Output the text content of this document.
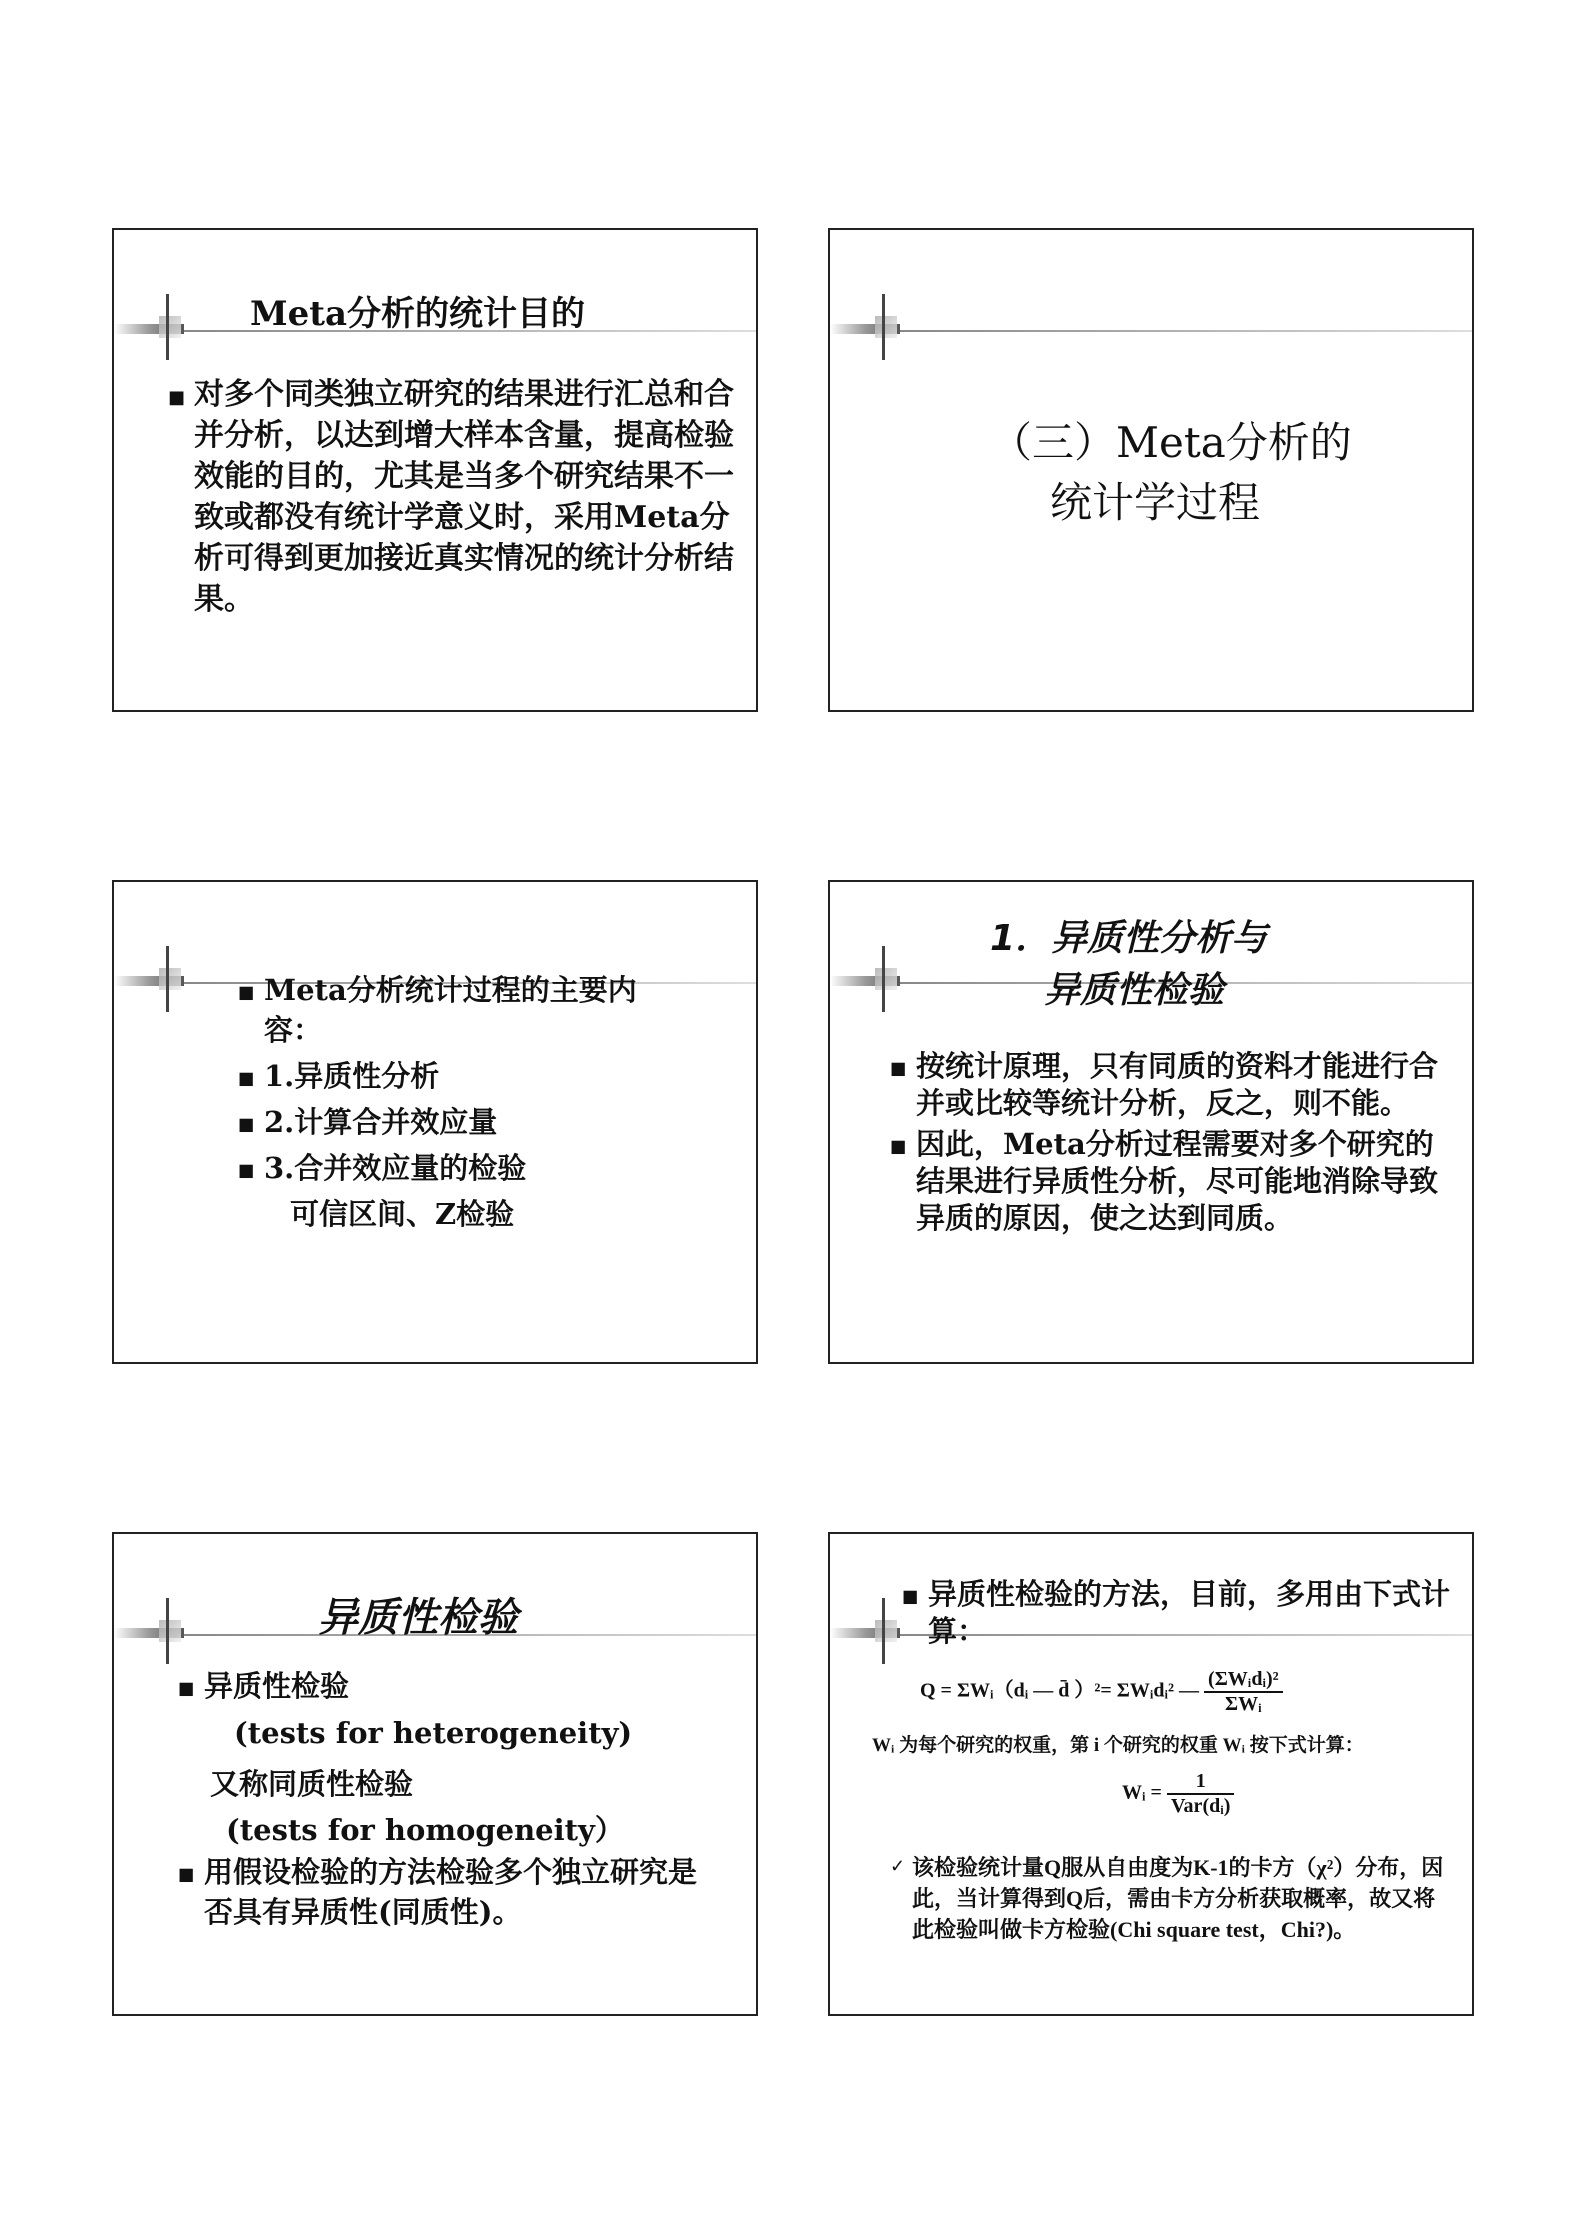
Meta分析的统计目的
■ 对多个同类独立研究的结果进行汇总和合并分析，以达到增大样本含量，提高检验效能的目的，尤其是当多个研究结果不一致或都没有统计学意义时，采用Meta分析可得到更加接近真实情况的统计分析结果。
（三）Meta分析的
统计学过程
■ Meta分析统计过程的主要内容：
■ 1.异质性分析
■ 2.计算合并效应量
■ 3.合并效应量的检验
可信区间、Z检验
1．异质性分析与
异质性检验
■ 按统计原理，只有同质的资料才能进行合并或比较等统计分析，反之，则不能。
■ 因此，Meta分析过程需要对多个研究的结果进行异质性分析，尽可能地消除导致异质的原因，使之达到同质。
异质性检验
■ 异质性检验
(tests for heterogeneity)
又称同质性检验
(tests for homogeneity）
■ 用假设检验的方法检验多个独立研究是否具有异质性(同质性)。
■ 异质性检验的方法，目前，多用由下式计算：
Q = ΣWᵢ（dᵢ — d̄ ）²= ΣWᵢdᵢ² — $\frac{\text{(ΣWᵢdᵢ)²}}{\text{ΣWᵢ}}$
Wᵢ 为每个研究的权重，第 i 个研究的权重 Wᵢ 按下式计算：
Wᵢ = $\frac{1}{\text{Var(dᵢ)}}$
✓ 该检验统计量Q服从自由度为K-1的卡方（χ²）分布，因此，当计算得到Q后，需由卡方分析获取概率，故又将此检验叫做卡方检验(Chi square test，Chi?)。
